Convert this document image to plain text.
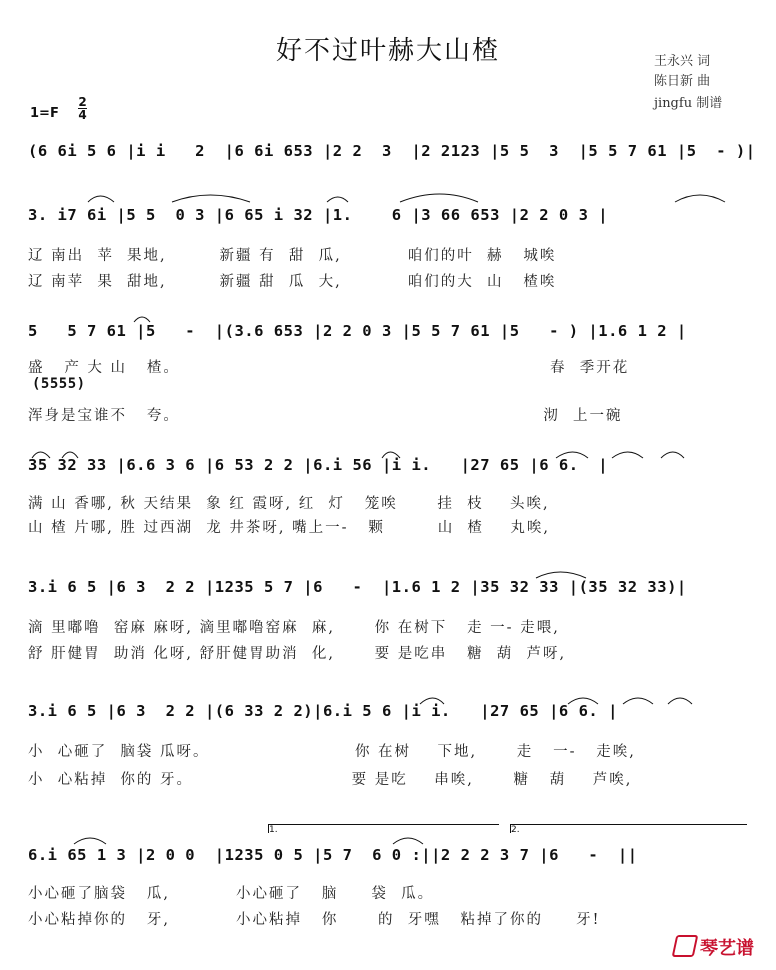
好不过叶赫大山楂	王永兴 词
陈日新 曲
jingfu 制谱
1=F
2
4
(6 6i 5 6 |i i   2  |6 6i 653 |2 2  3  |2 2123 |5 5  3  |5 5 7 61 |5  - )|
3. i7 6i |5 5  0 3 |6 65 i 32 |1.    6 |3 66 653 |2 2 0 3 |
辽 南出  苹  果地,        新疆 有  甜  瓜,          咱们的叶  赫   城唉
辽 南苹  果  甜地,        新疆 甜  瓜  大,          咱们的大  山   楂唉
5   5 7 61 |5   -  |(3.6 653 |2 2 0 3 |5 5 7 61 |5   - ) |1.6 1 2 |
盛   产 大 山   楂。                                                        春  季开花
(5555)
浑身是宝谁不   夸。                                                       沏  上一碗
35 32 33 |6.6 3 6 |6 53 2 2 |6.i 56 |i i.   |27 65 |6 6.  |
满 山 香哪, 秋 天结果  象 红 霞呀, 红  灯   笼唉      挂  枝    头唉,
山 楂 片哪, 胜 过西湖  龙 井茶呀, 嘴上一-   颗        山  楂    丸唉,
3.i 6 5 |6 3  2 2 |1235 5 7 |6   -  |1.6 1 2 |35 32 33 |(35 32 33)|
滴 里嘟噜  窑麻 麻呀, 滴里嘟噜窑麻  麻,      你 在树下   走 一- 走喂,
舒 肝健胃  助消 化呀, 舒肝健胃助消  化,      要 是吃串   糖  葫  芦呀,
3.i 6 5 |6 3  2 2 |(6 33 2 2)|6.i 5 6 |i i.   |27 65 |6 6. |
小  心砸了  脑袋 瓜呀。                      你 在树    下地,      走   一-   走唉,
小  心粘掉  你的 牙。                        要 是吃    串唉,      糖   葫    芦唉,
1.	2.
6.i 65 1 3 |2 0 0  |1235 0 5 |5 7  6 0 :||2 2 2 3 7 |6   -  ||
小心砸了脑袋   瓜,          小心砸了   脑     袋  瓜。
小心粘掉你的   牙,          小心粘掉   你      的  牙嘿   粘掉了你的     牙!
琴艺谱
